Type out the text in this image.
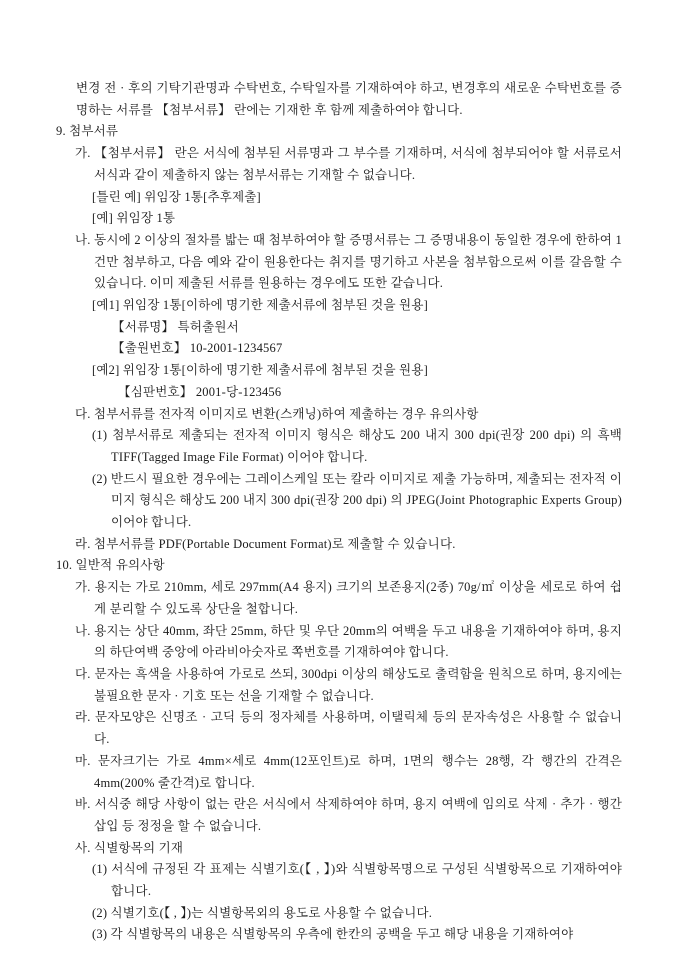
변경 전 · 후의 기탁기관명과 수탁번호, 수탁일자를 기재하여야 하고, 변경후의 새로운 수탁번호를 증명하는 서류를 【첨부서류】 란에는 기재한 후 함께 제출하여야 합니다.

9. 첨부서류

가. 【첨부서류】 란은 서식에 첨부된 서류명과 그 부수를 기재하며, 서식에 첨부되어야 할 서류로서 서식과 같이 제출하지 않는 첨부서류는 기재할 수 없습니다.

[틀린 예] 위임장 1통[추후제출]

[예] 위임장 1통

나. 동시에 2 이상의 절차를 밟는 때 첨부하여야 할 증명서류는 그 증명내용이 동일한 경우에 한하여 1건만 첨부하고, 다음 예와 같이 원용한다는 취지를 명기하고 사본을 첨부함으로써 이를 갈음할 수 있습니다. 이미 제출된 서류를 원용하는 경우에도 또한 같습니다.

[예1] 위임장 1통[이하에 명기한 제출서류에 첨부된 것을 원용]

【서류명】 특허출원서

【출원번호】 10-2001-1234567

[예2] 위임장 1통[이하에 명기한 제출서류에 첨부된 것을 원용]

【심판번호】 2001-당-123456

다. 첨부서류를 전자적 이미지로 변환(스캐닝)하여 제출하는 경우 유의사항

(1) 첨부서류로 제출되는 전자적 이미지 형식은 해상도 200 내지 300 dpi(권장 200 dpi) 의 흑백 TIFF(Tagged Image File Format) 이어야 합니다.

(2) 반드시 필요한 경우에는 그레이스케일 또는 칼라 이미지로 제출 가능하며, 제출되는 전자적 이미지 형식은 해상도 200 내지 300 dpi(권장 200 dpi) 의 JPEG(Joint Photographic Experts Group) 이어야 합니다.

라. 첨부서류를 PDF(Portable Document Format)로 제출할 수 있습니다.

10. 일반적 유의사항

가. 용지는 가로 210mm, 세로 297mm(A4 용지) 크기의 보존용지(2종) 70g/㎡ 이상을 세로로 하여 쉽게 분리할 수 있도록 상단을 철합니다.

나. 용지는 상단 40mm, 좌단 25mm, 하단 및 우단 20mm의 여백을 두고 내용을 기재하여야 하며, 용지의 하단여백 중앙에 아라비아숫자로 쪽번호를 기재하여야 합니다.

다. 문자는 흑색을 사용하여 가로로 쓰되, 300dpi 이상의 해상도로 출력함을 원칙으로 하며, 용지에는 불필요한 문자 · 기호 또는 선을 기재할 수 없습니다.

라. 문자모양은 신명조 · 고딕 등의 정자체를 사용하며, 이탤릭체 등의 문자속성은 사용할 수 없습니다.

마. 문자크기는 가로 4mm×세로 4mm(12포인트)로 하며, 1면의 행수는 28행, 각 행간의 간격은 4mm(200% 줄간격)로 합니다.

바. 서식중 해당 사항이 없는 란은 서식에서 삭제하여야 하며, 용지 여백에 임의로 삭제 · 추가 · 행간삽입 등 정정을 할 수 없습니다.

사. 식별항목의 기재

(1) 서식에 규정된 각 표제는 식별기호(【 , 】)와 식별항목명으로 구성된 식별항목으로 기재하여야 합니다.

(2) 식별기호(【 , 】)는 식별항목외의 용도로 사용할 수 없습니다.

(3) 각 식별항목의 내용은 식별항목의 우측에 한칸의 공백을 두고 해당 내용을 기재하여야
